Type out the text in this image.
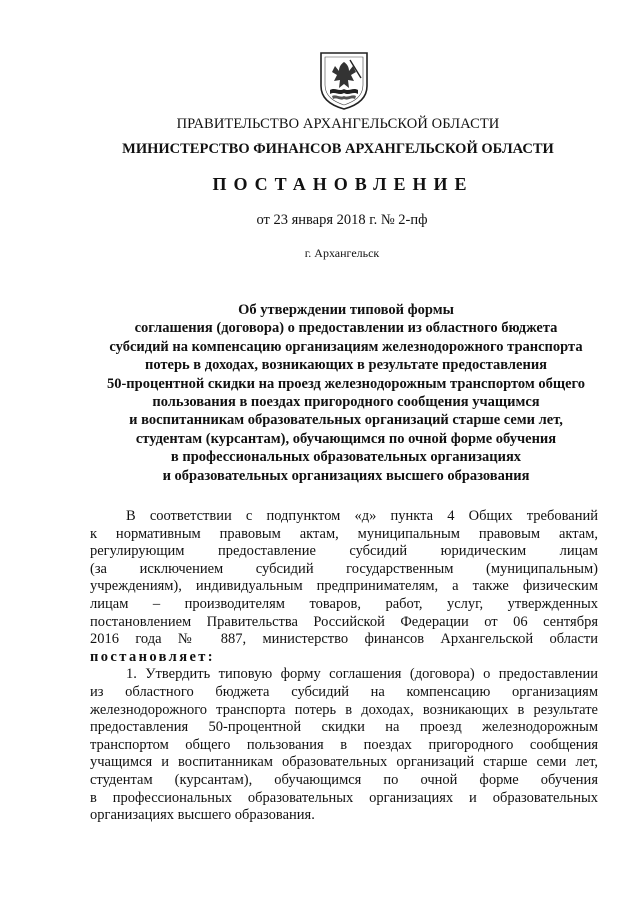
ПРАВИТЕЛЬСТВО АРХАНГЕЛЬСКОЙ ОБЛАСТИ
МИНИСТЕРСТВО ФИНАНСОВ АРХАНГЕЛЬСКОЙ ОБЛАСТИ
ПОСТАНОВЛЕНИЕ
от 23 января 2018 г. № 2-пф
г. Архангельск
Об утверждении типовой формы
соглашения (договора) о предоставлении из областного бюджета
субсидий на компенсацию организациям железнодорожного транспорта
потерь в доходах, возникающих в результате предоставления
50-процентной скидки на проезд железнодорожным транспортом общего
пользования в поездах пригородного сообщения учащимся
и воспитанникам образовательных организаций старше семи лет,
студентам (курсантам), обучающимся по очной форме обучения
в профессиональных образовательных организациях
и образовательных организациях высшего образования
В соответствии с подпунктом «д» пункта 4 Общих требований
к нормативным правовым актам, муниципальным правовым актам,
регулирующим предоставление субсидий юридическим лицам
(за исключением субсидий государственным (муниципальным)
учреждениям), индивидуальным предпринимателям, а также физическим
лицам – производителям товаров, работ, услуг, утвержденных
постановлением Правительства Российской Федерации от 06 сентября
2016 года № 887, министерство финансов Архангельской области
постановляет:
1. Утвердить типовую форму соглашения (договора) о предоставлении
из областного бюджета субсидий на компенсацию организациям
железнодорожного транспорта потерь в доходах, возникающих в результате
предоставления 50-процентной скидки на проезд железнодорожным
транспортом общего пользования в поездах пригородного сообщения
учащимся и воспитанникам образовательных организаций старше семи лет,
студентам (курсантам), обучающимся по очной форме обучения
в профессиональных образовательных организациях и образовательных
организациях высшего образования.
